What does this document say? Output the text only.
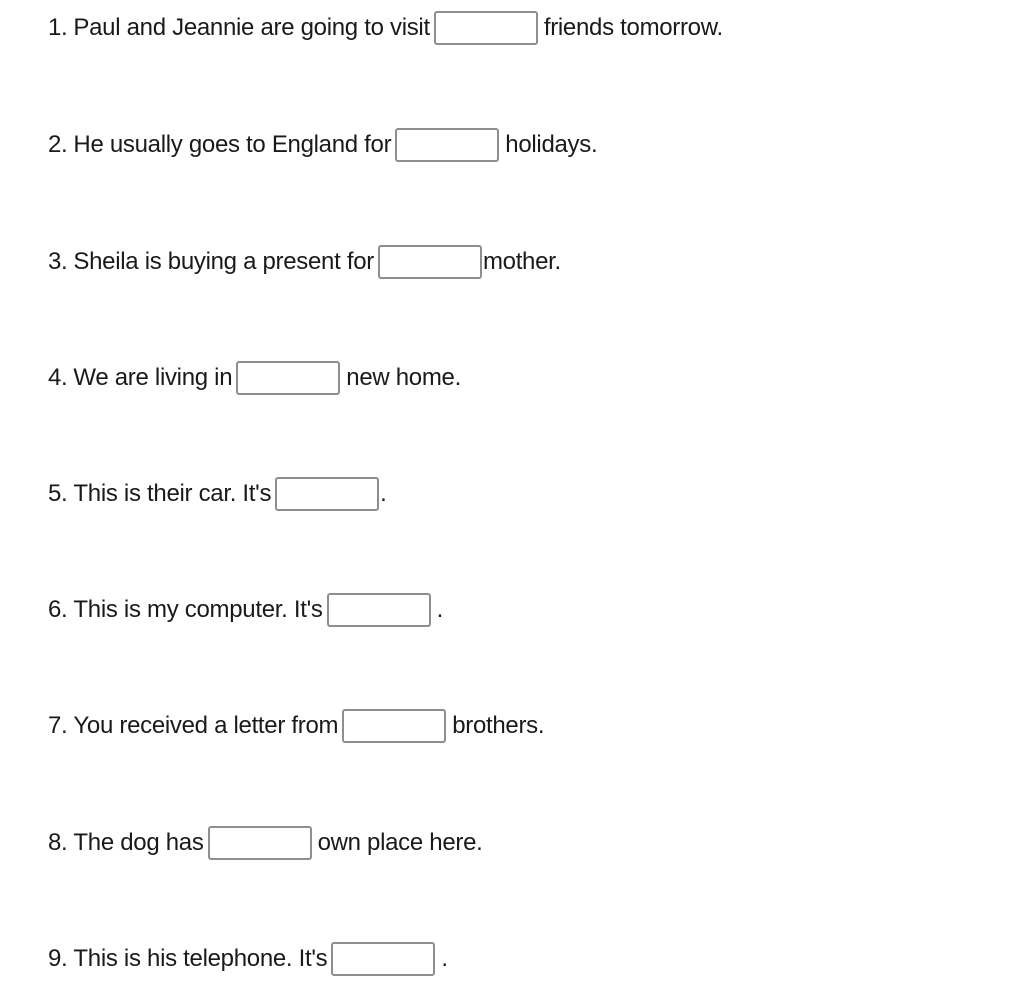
1. Paul and Jeannie are going to visit	friends tomorrow.
2. He usually goes to England for	holidays.
3. Sheila is buying a present for	mother.
4. We are living in	new home.
5. This is their car. It's	.
6. This is my computer. It's	.
7. You received a letter from	brothers.
8. The dog has	own place here.
9. This is his telephone. It's	.
